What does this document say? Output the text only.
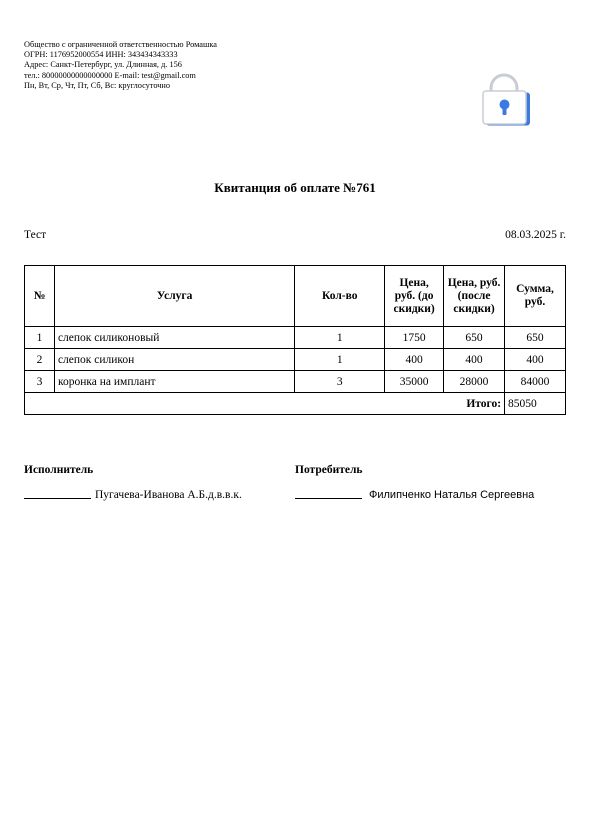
Общество с ограниченной ответственностью Ромашка
ОГРН: 1176952000554 ИНН: 343434343333
Адрес: Санкт-Петербург, ул. Длинная, д. 156
тел.: 80000000000000000 E-mail: test@gmail.com
Пн, Вт, Ср, Чт, Пт, Сб, Вс: круглосуточно
Квитанция об оплате №761
Тест	08.03.2025 г.
№	Услуга	Кол-во	Цена, руб. (до скидки)	Цена, руб. (после скидки)	Сумма, руб.
1	слепок силиконовый	1	1750	650	650
2	слепок силикон	1	400	400	400
3	коронка на имплант	3	35000	28000	84000
Итого:					85050
Исполнитель	Потребитель
Пугачева-Иванова А.Б.д.в.в.к.	Филипченко Наталья Сергеевна
